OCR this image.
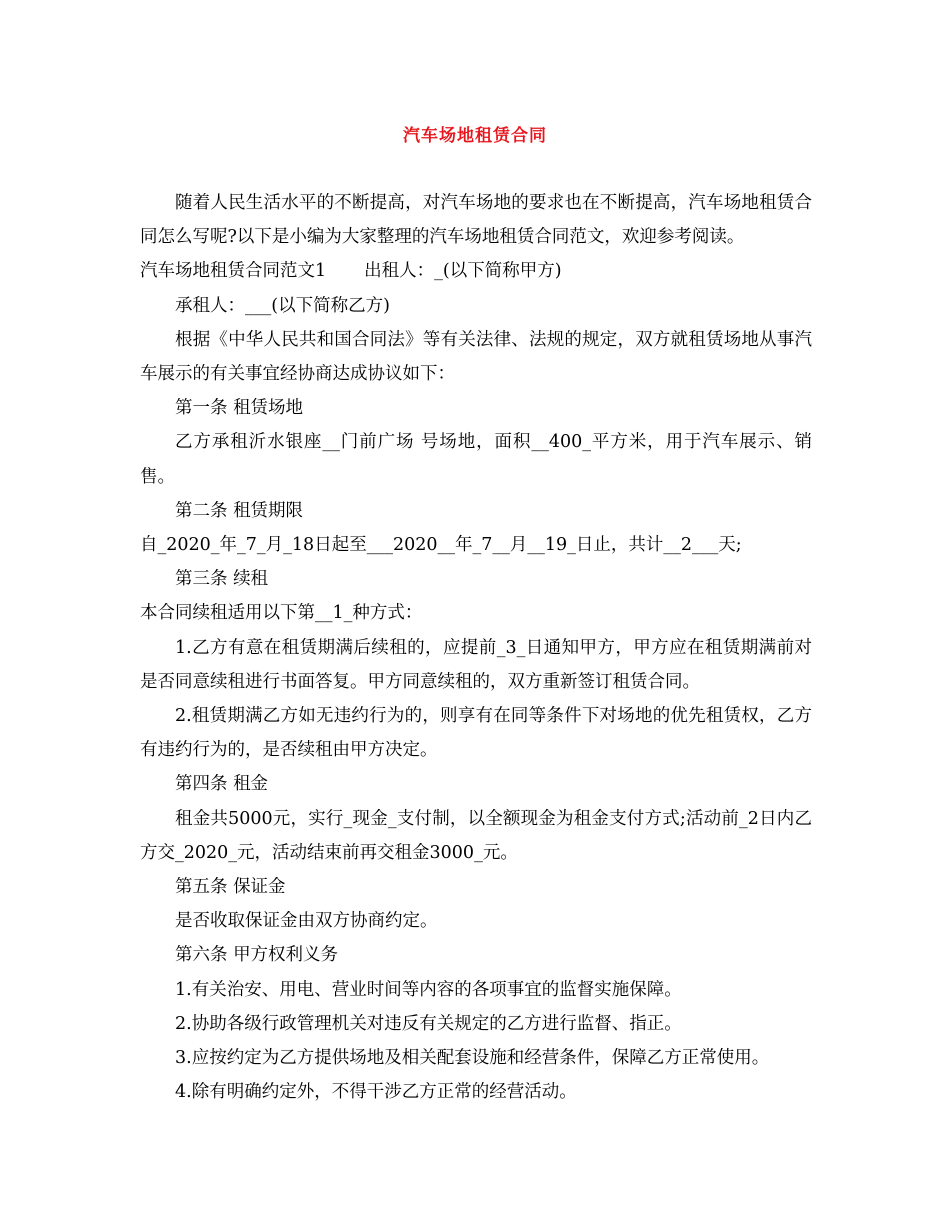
汽车场地租赁合同

随着人民生活水平的不断提高，对汽车场地的要求也在不断提高，汽车场地租赁合同怎么写呢?以下是小编为大家整理的汽车场地租赁合同范文，欢迎参考阅读。

汽车场地租赁合同范文1 出租人：_(以下简称甲方)

承租人：___(以下简称乙方)

根据《中华人民共和国合同法》等有关法律、法规的规定，双方就租赁场地从事汽车展示的有关事宜经协商达成协议如下：

第一条 租赁场地

乙方承租沂水银座__门前广场 号场地，面积__400_平方米，用于汽车展示、销售。

第二条 租赁期限

自_2020_年_7_月_18日起至___2020__年_7__月__19_日止，共计__2___天;

第三条 续租

本合同续租适用以下第__1_种方式：

1.乙方有意在租赁期满后续租的，应提前_3_日通知甲方，甲方应在租赁期满前对是否同意续租进行书面答复。甲方同意续租的，双方重新签订租赁合同。

2.租赁期满乙方如无违约行为的，则享有在同等条件下对场地的优先租赁权，乙方有违约行为的，是否续租由甲方决定。

第四条 租金

租金共5000元，实行_现金_支付制，以全额现金为租金支付方式;活动前_2日内乙方交_2020_元，活动结束前再交租金3000_元。

第五条 保证金

是否收取保证金由双方协商约定。

第六条 甲方权利义务

1.有关治安、用电、营业时间等内容的各项事宜的监督实施保障。

2.协助各级行政管理机关对违反有关规定的乙方进行监督、指正。

3.应按约定为乙方提供场地及相关配套设施和经营条件，保障乙方正常使用。

4.除有明确约定外，不得干涉乙方正常的经营活动。
